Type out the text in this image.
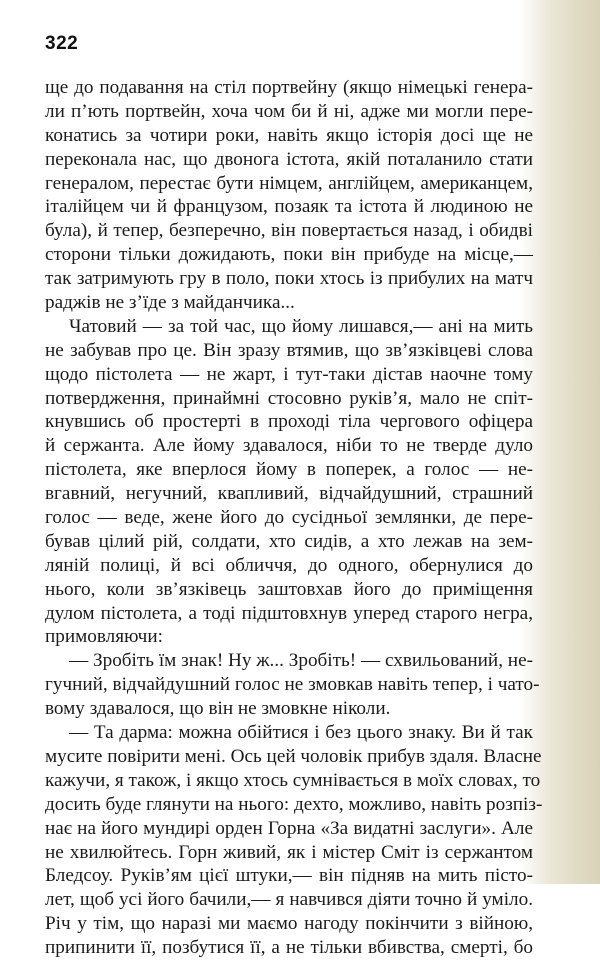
322
ще до подавання на стіл портвейну (якщо німецькі генера-
ли п’ють портвейн, хоча чом би й ні, адже ми могли пере-
конатись за чотири роки, навіть якщо історія досі ще не
переконала нас, що двонога істота, якій поталанило стати
генералом, перестає бути німцем, англійцем, американцем,
італійцем чи й французом, позаяк та істота й людиною не
була), й тепер, безперечно, він повертається назад, і обидві
сторони тільки дожидають, поки він прибуде на місце,—
так затримують гру в поло, поки хтось із прибулих на матч
раджів не з’їде з майданчика...
Чатовий — за той час, що йому лишався,— ані на мить
не забував про це. Він зразу втямив, що зв’язківцеві слова
щодо пістолета — не жарт, і тут-таки дістав наочне тому
потвердження, принаймні стосовно руків’я, мало не спіт-
кнувшись об простерті в проході тіла чергового офіцера
й сержанта. Але йому здавалося, ніби то не тверде дуло
пістолета, яке вперлося йому в поперек, а голос — не-
вгавний, негучний, квапливий, відчайдушний, страшний
голос — веде, жене його до сусідньої землянки, де пере-
бував цілий рій, солдати, хто сидів, а хто лежав на зем-
ляній полиці, й всі обличчя, до одного, обернулися до
нього, коли зв’язківець заштовхав його до приміщення
дулом пістолета, а тоді підштовхнув уперед старого негра,
примовляючи:
— Зробіть їм знак! Ну ж... Зробіть! — схвильований, не-
гучний, відчайдушний голос не змовкав навіть тепер, і чато-
вому здавалося, що він не змовкне ніколи.
— Та дарма: можна обійтися і без цього знаку. Ви й так
мусите повірити мені. Ось цей чоловік прибув здаля. Власне
кажучи, я також, і якщо хтось сумнівається в моїх словах, то
досить буде глянути на нього: дехто, можливо, навіть розпіз-
нає на його мундирі орден Горна «За видатні заслуги». Але
не хвилюйтесь. Горн живий, як і містер Сміт із сержантом
Бледсоу. Руків’ям цієї штуки,— він підняв на мить пісто-
лет, щоб усі його бачили,— я навчився діяти точно й уміло.
Річ у тім, що наразі ми маємо нагоду покінчити з війною,
припинити її, позбутися її, а не тільки вбивства, смерті, бо
